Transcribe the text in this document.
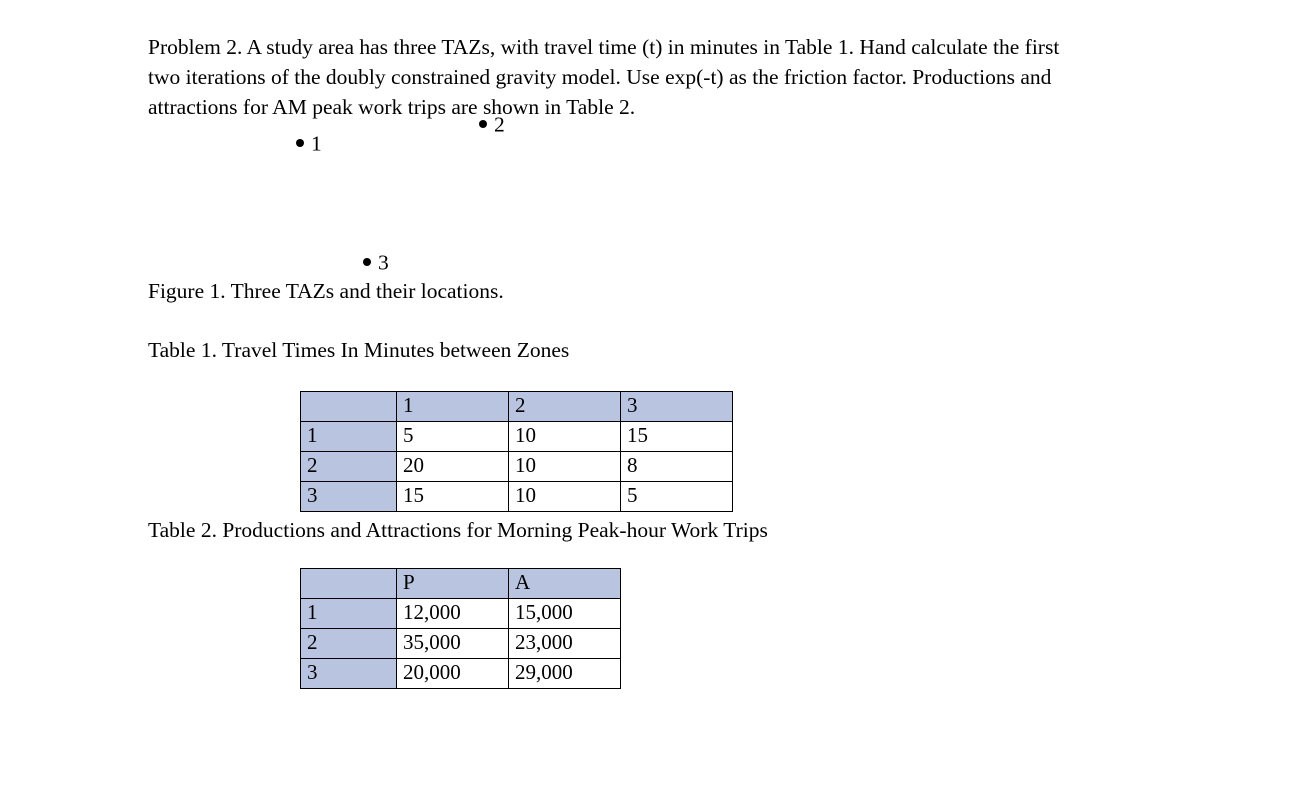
Problem 2. A study area has three TAZs, with travel time (t) in minutes in Table 1. Hand calculate the first two iterations of the doubly constrained gravity model. Use exp(-t) as the friction factor. Productions and attractions for AM peak work trips are shown in Table 2.

1
2
3
Figure 1. Three TAZs and their locations.
Table 1. Travel Times In Minutes between Zones
	1	2	3
1	5	10	15
2	20	10	8
3	15	10	5
Table 2. Productions and Attractions for Morning Peak-hour Work Trips
	P	A
1	12,000	15,000
2	35,000	23,000
3	20,000	29,000
